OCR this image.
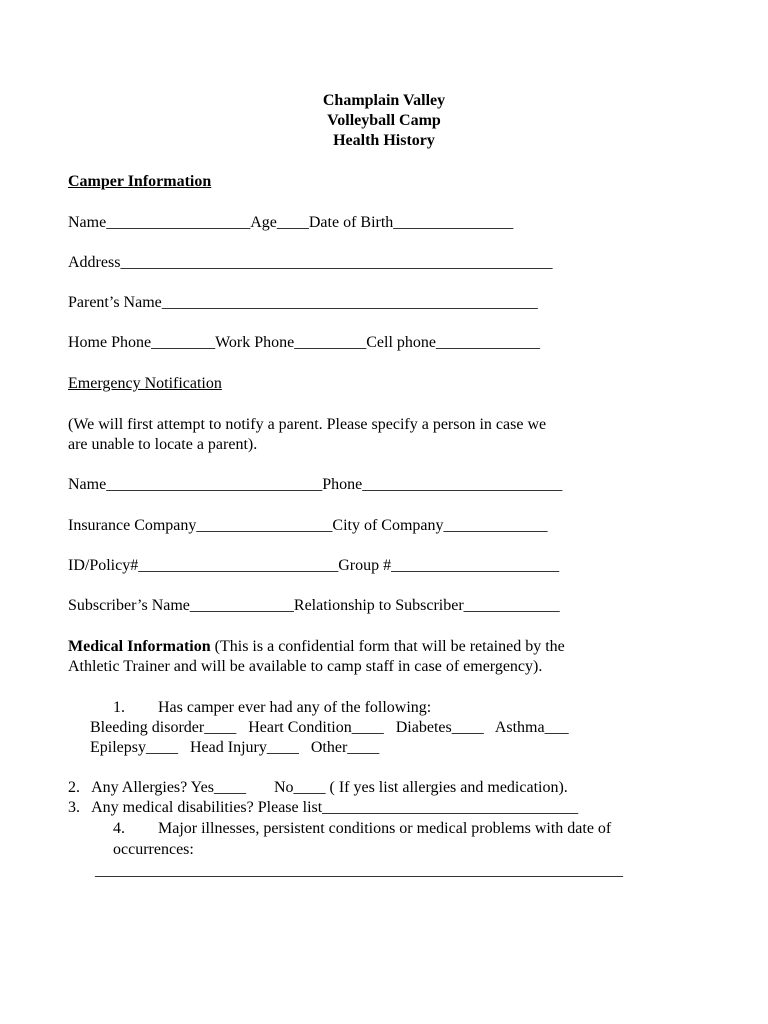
Champlain Valley
Volleyball Camp
Health History
Camper Information
Name__________________Age____Date of Birth_______________
Address______________________________________________________
Parent’s Name_______________________________________________
Home Phone________Work Phone_________Cell phone_____________
Emergency Notification
(We will first attempt to notify a parent. Please specify a person in case we
are unable to locate a parent).
Name___________________________Phone_________________________
Insurance Company_________________City of Company_____________
ID/Policy#_________________________Group #_____________________
Subscriber’s Name_____________Relationship to Subscriber____________
Medical Information (This is a confidential form that will be retained by the
Athletic Trainer and will be available to camp staff in case of emergency).
1. Has camper ever had any of the following:
Bleeding disorder____   Heart Condition____   Diabetes____   Asthma___
Epilepsy____   Head Injury____   Other____
2.   Any Allergies? Yes____       No____ ( If yes list allergies and medication).
3.   Any medical disabilities? Please list________________________________
4. Major illnesses, persistent conditions or medical problems with date of
occurrences:
__________________________________________________________________
